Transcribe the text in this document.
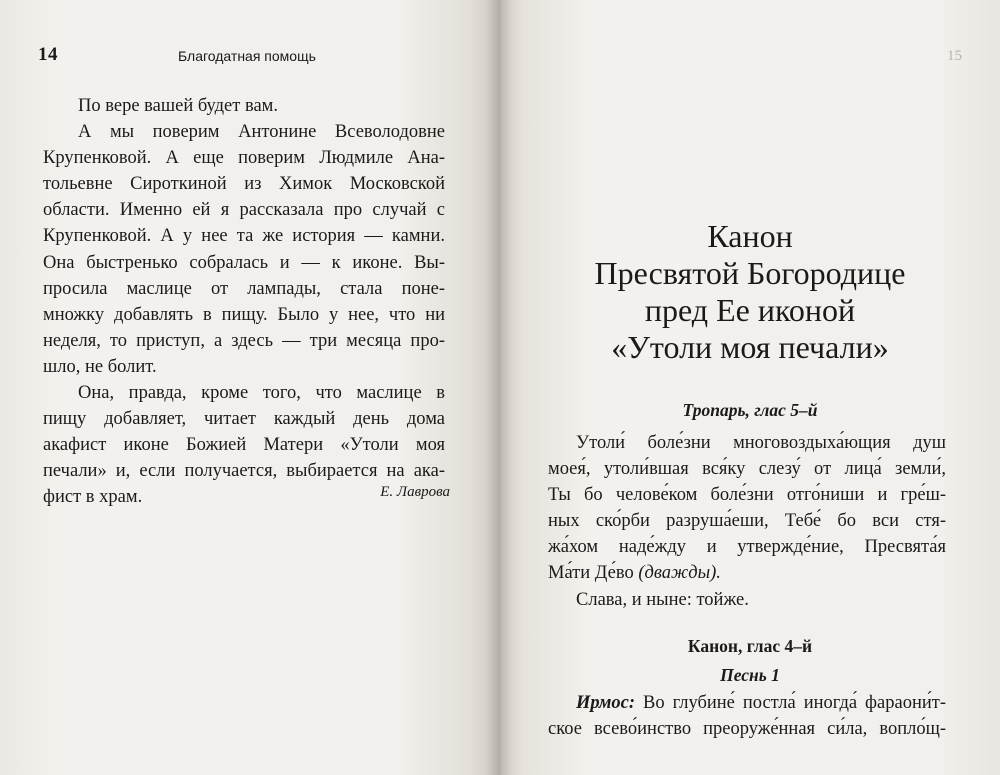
14	Благодатная помощь

По вере вашей будет вам.

А мы поверим Антонине Всеволодовне
Крупенковой. А еще поверим Людмиле Ана-
тольевне Сироткиной из Химок Московской
области. Именно ей я рассказала про случай с
Крупенковой. А у нее та же история — камни.
Она быстренько собралась и — к иконе. Вы-
просила маслице от лампады, стала поне-
множку добавлять в пищу. Было у нее, что ни
неделя, то приступ, а здесь — три месяца про-
шло, не болит.

Она, правда, кроме того, что маслице в
пищу добавляет, читает каждый день дома
акафист иконе Божией Матери «Утоли моя
печали» и, если получается, выбирается на ака-
фист в храм.	Е. Лаврова
15
Канон
Пресвятой Богородице
пред Ее иконой
«Утоли моя печали»
Тропарь, глас 5–й
Утоли́ боле́зни многовоздыха́ющия душ
моея́, утоли́вшая вся́ку слезу́ от лица́ земли́,
Ты бо челове́ком боле́зни отго́ниши и гре́ш-
ных ско́рби разруша́еши, Тебе́ бо вси стя-
жа́хом наде́жду и утвержде́ние, Пресвята́я
Ма́ти Де́во (дважды).
Слава, и ныне: тойже.
Канон, глас 4–й
Песнь 1
Ирмос: Во глубине́ постла́ иногда́ фараони́т-
ское всево́инство преоруже́нная си́ла, вопло́щ-
